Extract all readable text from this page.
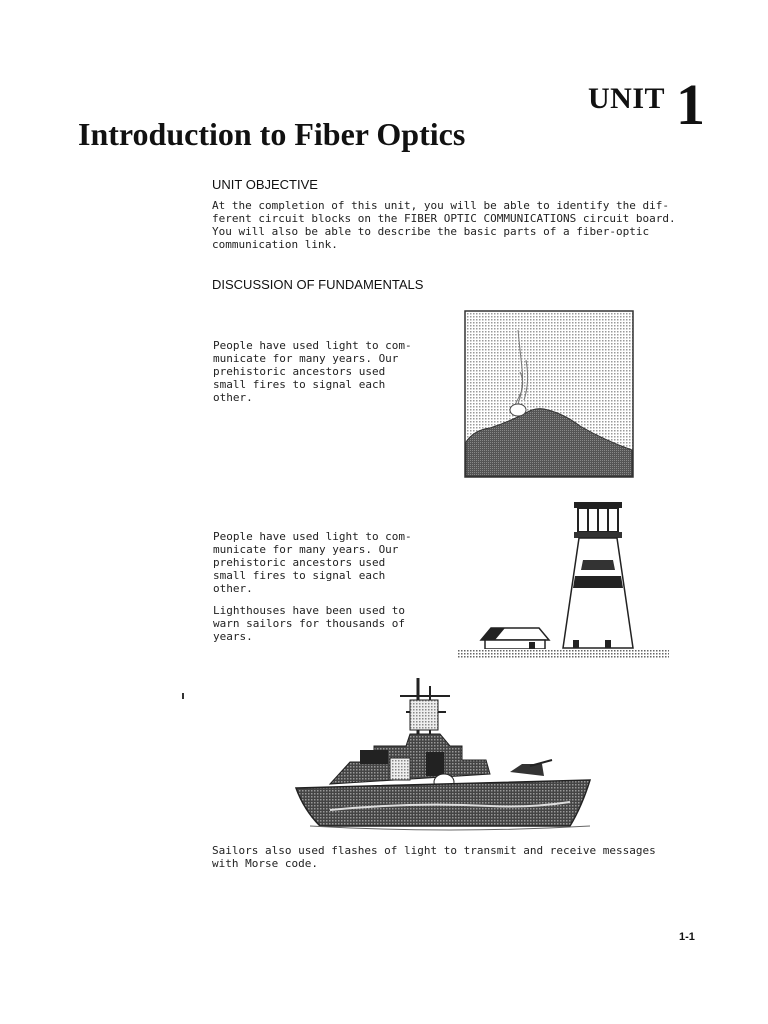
UNIT 1
Introduction to Fiber Optics
UNIT OBJECTIVE
At the completion of this unit, you will be able to identify the dif-
ferent circuit blocks on the FIBER OPTIC COMMUNICATIONS circuit board.
You will also be able to describe the basic parts of a fiber-optic
communication link.
DISCUSSION OF FUNDAMENTALS
People have used light to com-
municate for many years. Our
prehistoric ancestors used
small fires to signal each
other.
People have used light to com-
municate for many years. Our
prehistoric ancestors used
small fires to signal each
other.
Lighthouses have been used to
warn sailors for thousands of
years.
Sailors also used flashes of light to transmit and receive messages
with Morse code.
1-1
